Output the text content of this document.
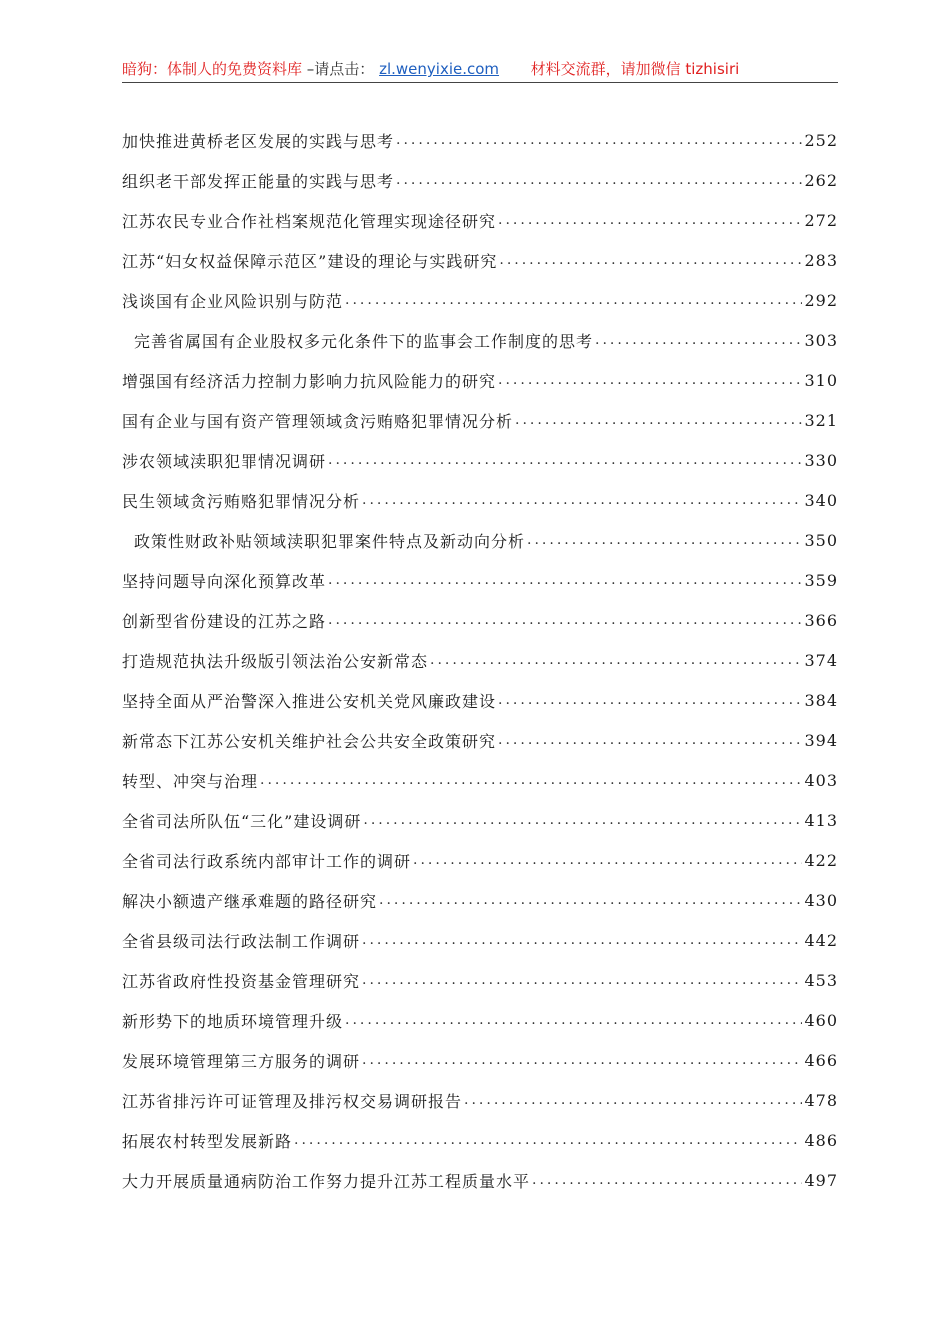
暗狗：体制人的免费资料库 –请点击： zl.wenyixie.com 材料交流群，请加微信 tizhisiri
加快推进黄桥老区发展的实践与思考 .....	252
组织老干部发挥正能量的实践与思考 .....	262
江苏农民专业合作社档案规范化管理实现途径研究 .....	272
江苏“妇女权益保障示范区”建设的理论与实践研究 .....	283
浅谈国有企业风险识别与防范 .....	292
完善省属国有企业股权多元化条件下的监事会工作制度的思考 .....	303
增强国有经济活力控制力影响力抗风险能力的研究 .....	310
国有企业与国有资产管理领域贪污贿赂犯罪情况分析 .....	321
涉农领域渎职犯罪情况调研 .....	330
民生领域贪污贿赂犯罪情况分析 .....	340
政策性财政补贴领域渎职犯罪案件特点及新动向分析 .....	350
坚持问题导向深化预算改革 .....	359
创新型省份建设的江苏之路 .....	366
打造规范执法升级版引领法治公安新常态 .....	374
坚持全面从严治警深入推进公安机关党风廉政建设 .....	384
新常态下江苏公安机关维护社会公共安全政策研究 .....	394
转型、冲突与治理 .....	403
全省司法所队伍“三化”建设调研 .....	413
全省司法行政系统内部审计工作的调研 .....	422
解决小额遗产继承难题的路径研究 .....	430
全省县级司法行政法制工作调研 .....	442
江苏省政府性投资基金管理研究 .....	453
新形势下的地质环境管理升级 .....	460
发展环境管理第三方服务的调研 .....	466
江苏省排污许可证管理及排污权交易调研报告 .....	478
拓展农村转型发展新路 .....	486
大力开展质量通病防治工作努力提升江苏工程质量水平 .....	497
